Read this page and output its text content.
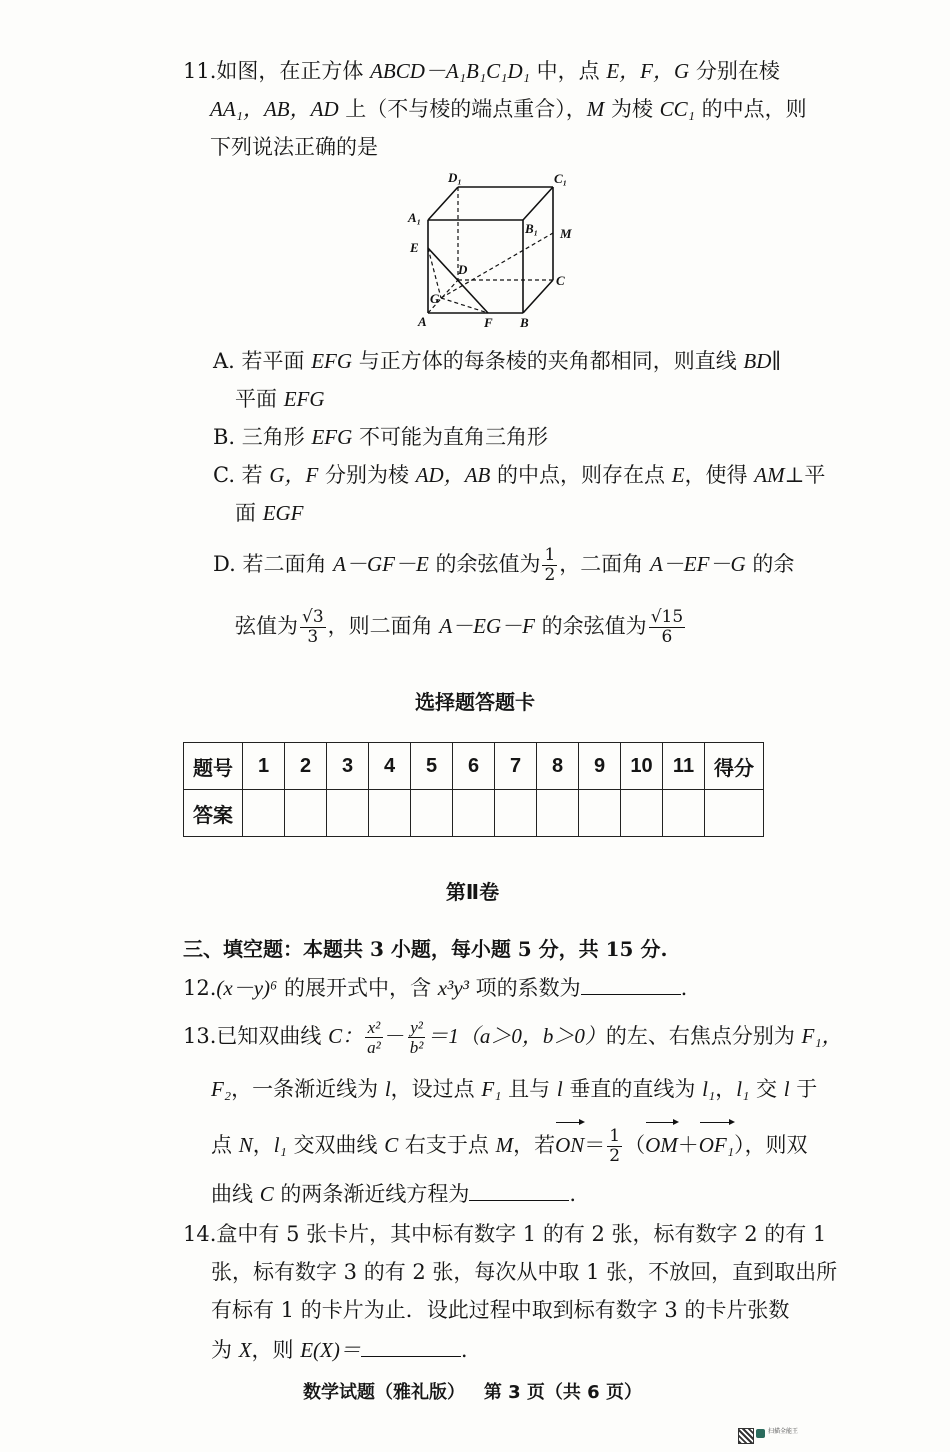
11.如图，在正方体 ABCD－A₁B₁C₁D₁ 中，点 E，F，G 分别在棱
AA₁，AB，AD 上（不与棱的端点重合），M 为棱 CC₁ 的中点，则
下列说法正确的是
D₁	C₁
A₁
B₁ M
E
D
C
G
A	F B
A. 若平面 EFG 与正方体的每条棱的夹角都相同，则直线 BD∥
平面 EFG
B. 三角形 EFG 不可能为直角三角形
C. 若 G，F 分别为棱 AD，AB 的中点，则存在点 E，使得 AM⊥平
面 EGF
D. 若二面角 A－GF－E 的余弦值为 $\frac{1}{2}$ ，二面角 A－EF－G 的余
弦值为 $\frac{√3}{3}$ ，则二面角 A－EG－F 的余弦值为 $\frac{√15}{6}$
选择题答题卡
题号	1	2	3	4	5	6	7	8	9	10	11	得分
答案												
第Ⅱ卷
三、填空题：本题共 3 小题，每小题 5 分，共 15 分.
12.(x－y)⁶ 的展开式中，含 x³y³ 项的系数为	.
13.已知双曲线 C： $\frac{\text{x²}}{\text{a²}} - \frac{\text{y²}}{\text{b²}} =1(a>0$，b＞0）的左、右焦点分别为 F₁，
F₂，一条渐近线为 l，设过点 F₁ 且与 l 垂直的直线为 l₁，l₁ 交 l 于
点 N，l₁ 交双曲线 C 右支于点 M，若$ON= \frac{1}{2} (OM+OF_1)$，则双
曲线 C 的两条渐近线方程为	.
14.盒中有 5 张卡片，其中标有数字 1 的有 2 张，标有数字 2 的有 1
张，标有数字 3 的有 2 张，每次从中取 1 张，不放回，直到取出所
有标有 1 的卡片为止．设此过程中取到标有数字 3 的卡片张数
为 X，则 E(X)＝	.
数学试题（雅礼版）   第 3 页（共 6 页）
扫描全能王
